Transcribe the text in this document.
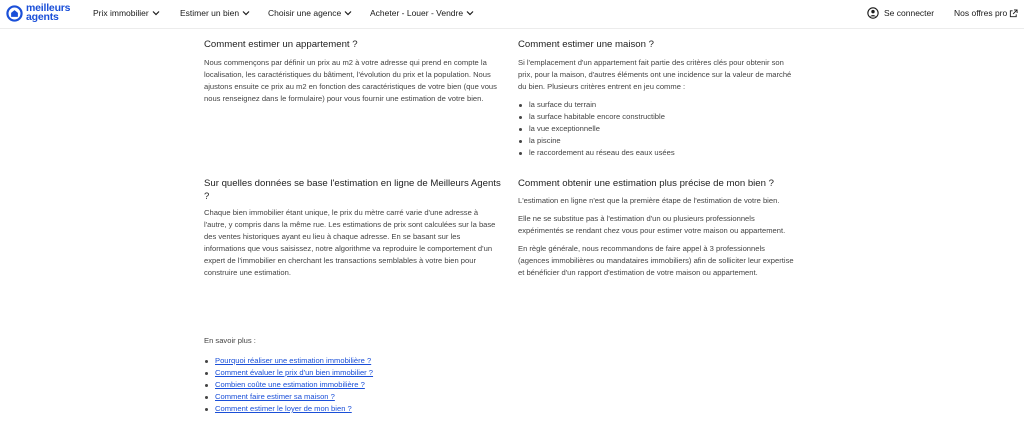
meilleurs
agents	Prix immobilier	Estimer un bien	Choisir une agence	Acheter - Louer - Vendre	Se connecter Nos offres pro
Comment estimer un appartement ?

Nous commençons par définir un prix au m2 à votre adresse qui prend en compte la localisation, les caractéristiques du bâtiment, l'évolution du prix et la population. Nous ajustons ensuite ce prix au m2 en fonction des caractéristiques de votre bien (que vous nous renseignez dans le formulaire) pour vous fournir une estimation de votre bien.

Comment estimer une maison ?

Si l'emplacement d'un appartement fait partie des critères clés pour obtenir son prix, pour la maison, d'autres éléments ont une incidence sur la valeur de marché du bien. Plusieurs critères entrent en jeu comme :

la surface du terrain
la surface habitable encore constructible
la vue exceptionnelle
la piscine
le raccordement au réseau des eaux usées
Sur quelles données se base l'estimation en ligne de Meilleurs Agents ?

Chaque bien immobilier étant unique, le prix du mètre carré varie d'une adresse à l'autre, y compris dans la même rue. Les estimations de prix sont calculées sur la base des ventes historiques ayant eu lieu à chaque adresse. En se basant sur les informations que vous saisissez, notre algorithme va reproduire le comportement d'un expert de l'immobilier en cherchant les transactions semblables à votre bien pour construire une estimation.

Comment obtenir une estimation plus précise de mon bien ?

L'estimation en ligne n'est que la première étape de l'estimation de votre bien.

Elle ne se substitue pas à l'estimation d'un ou plusieurs professionnels expérimentés se rendant chez vous pour estimer votre maison ou appartement.

En règle générale, nous recommandons de faire appel à 3 professionnels (agences immobilières ou mandataires immobiliers) afin de solliciter leur expertise et bénéficier d'un rapport d'estimation de votre maison ou appartement.

En savoir plus :

Pourquoi réaliser une estimation immobilière ?
Comment évaluer le prix d'un bien immobilier ?
Combien coûte une estimation immobilière ?
Comment faire estimer sa maison ?
Comment estimer le loyer de mon bien ?
